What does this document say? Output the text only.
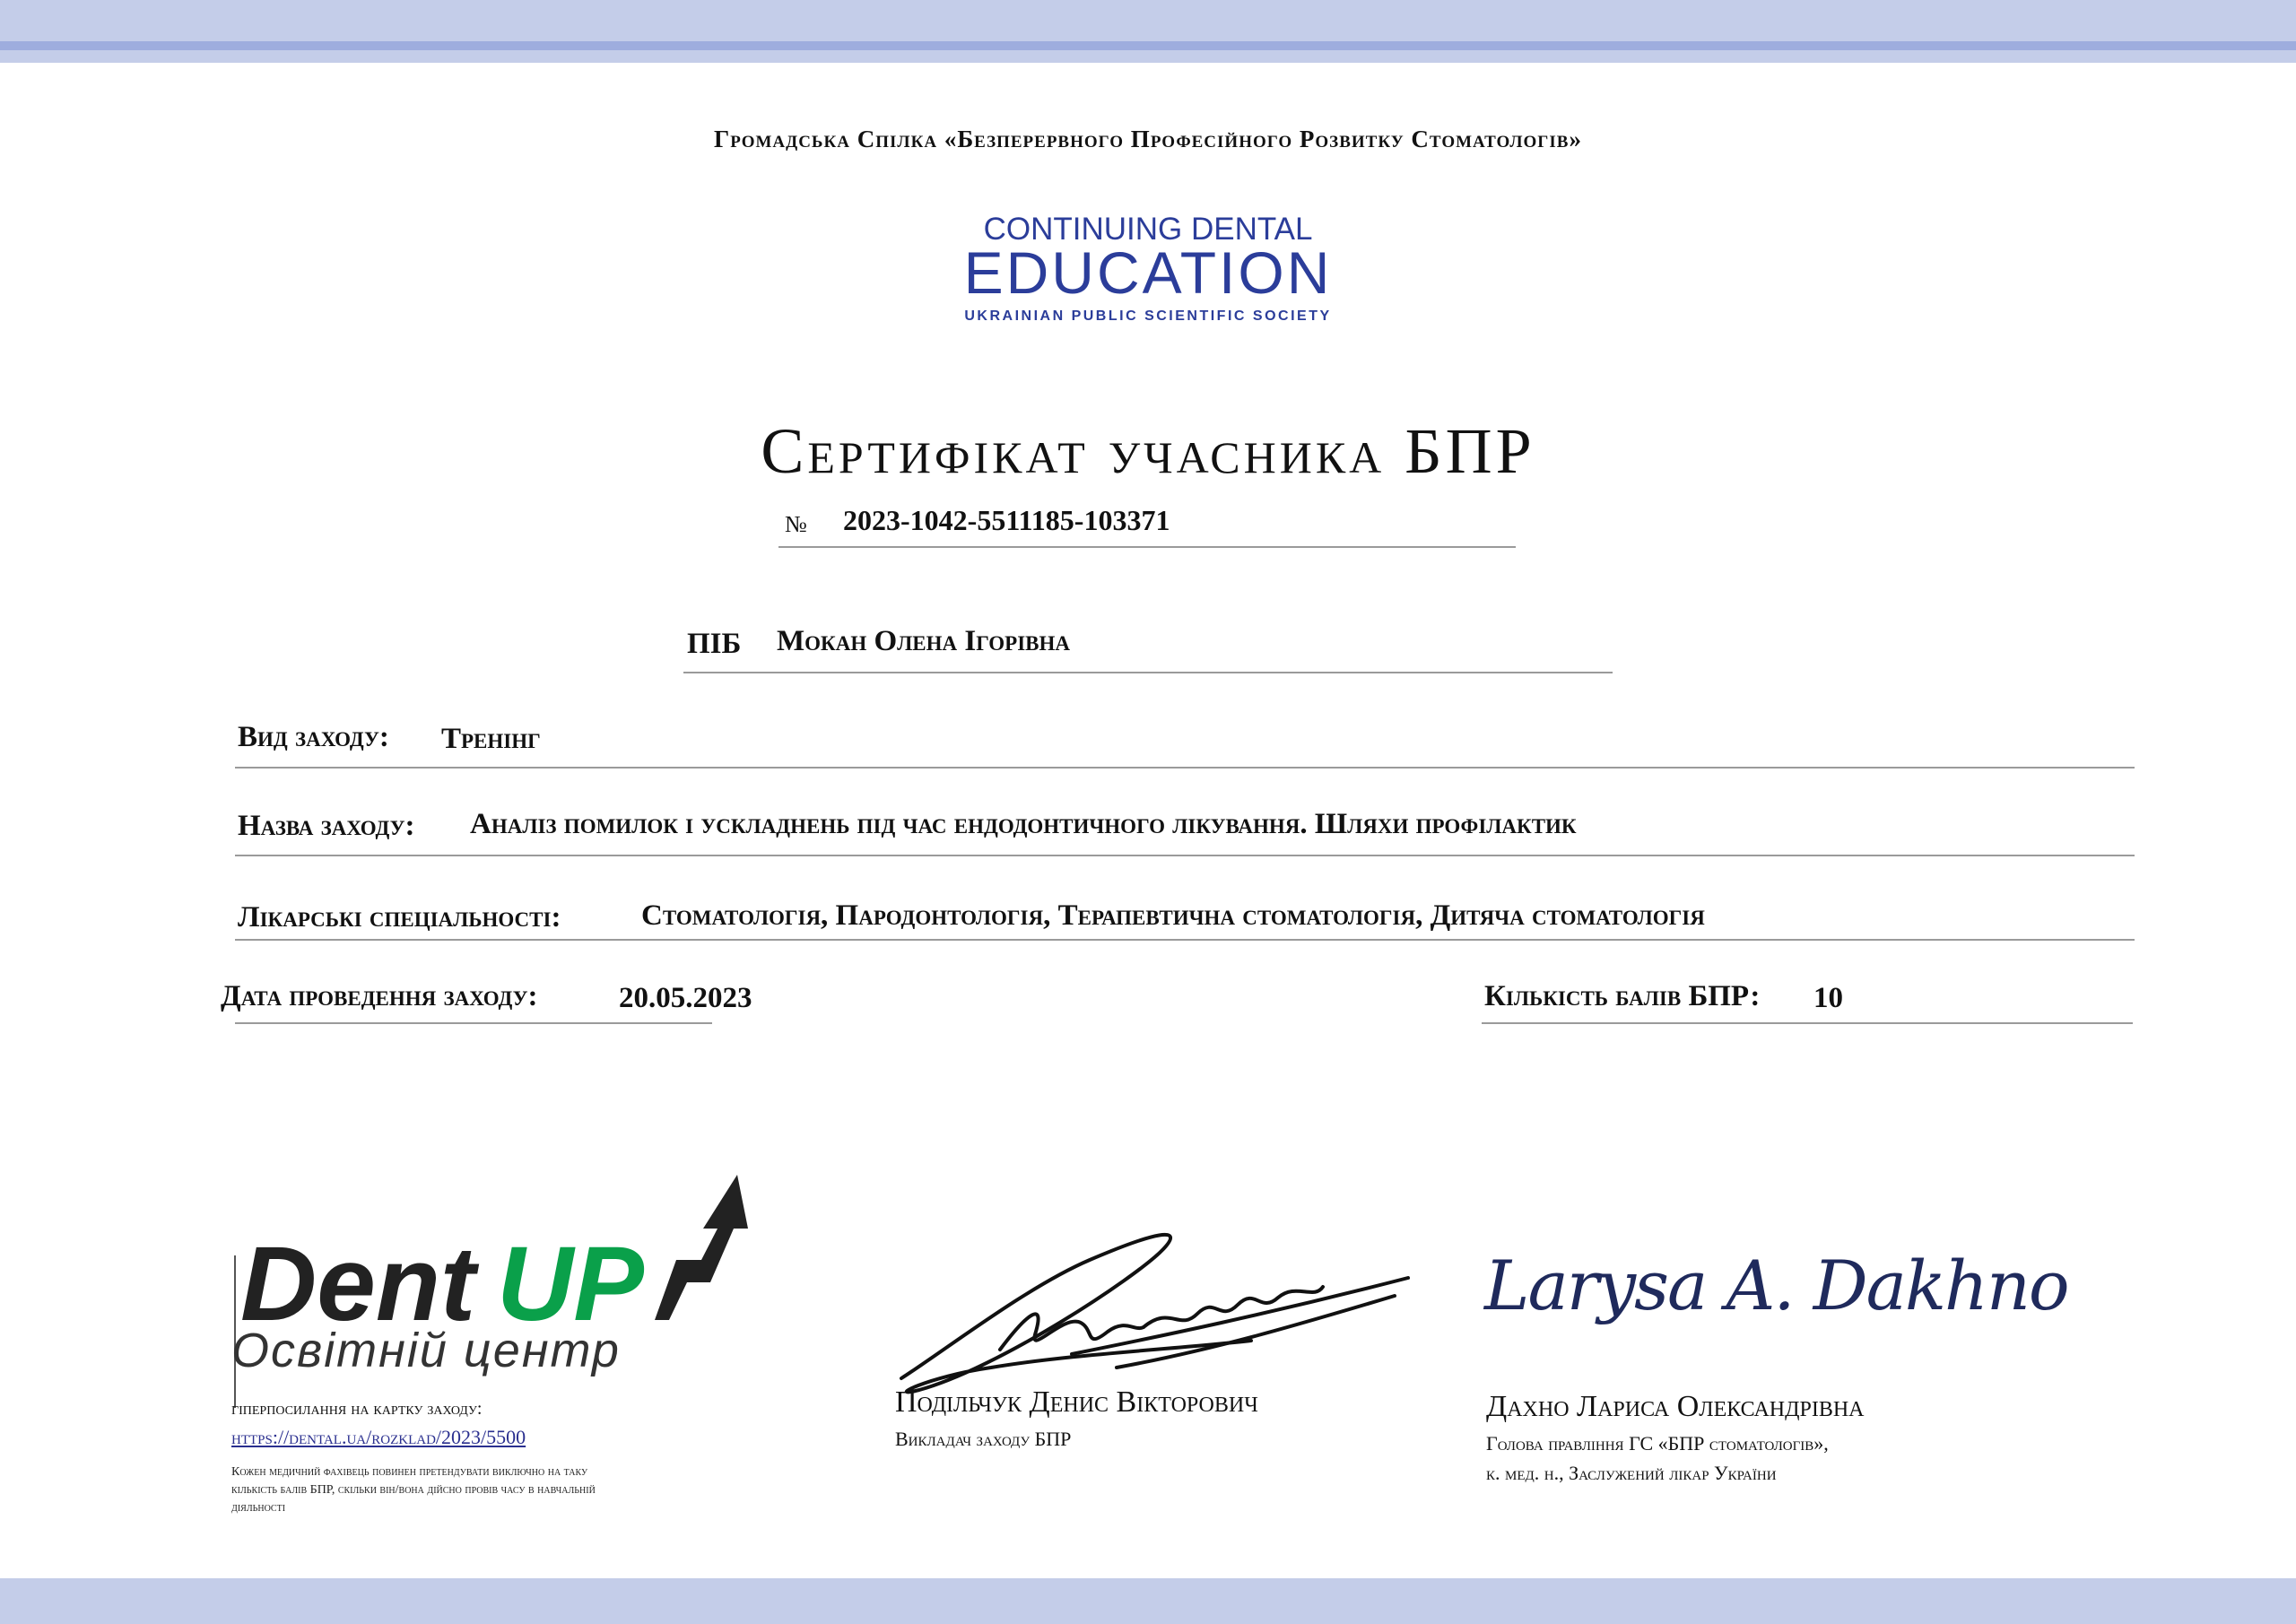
Громадська Спілка «Безперервного Професійного Розвитку Стоматологів»
CONTINUING DENTAL
EDUCATION
UKRAINIAN PUBLIC SCIENTIFIC SOCIETY
Сертифікат учасника БПР
№ 2023-1042-5511185-103371
ПІБ Мокан Олена Ігорівна
Вид заходу: Тренінг
Назва заходу: Аналіз помилок і ускладнень під час ендодонтичного лікування. Шляхи профілактик
Лікарські спеціальності:	Стоматологія, Пародонтологія, Терапевтична стоматологія, Дитяча стоматологія
Дата проведення заходу:	20.05.2023	Кількість балів БПР: 10
Dent UP
Освітній центр
гіперпосилання на картку заходу:
https://dental.ua/rozklad/2023/5500
Кожен медичний фахівець повинен претендувати виключно на таку кількість балів БПР, скільки він/вона дійсно провів часу в навчальній діяльності
Подільчук Денис Вікторович
Викладач заходу БПР
Larysa A. Dakhno
Дахно Лариса Олександрівна
Голова правління ГС «БПР стоматологів»,
к. мед. н., Заслужений лікар України
